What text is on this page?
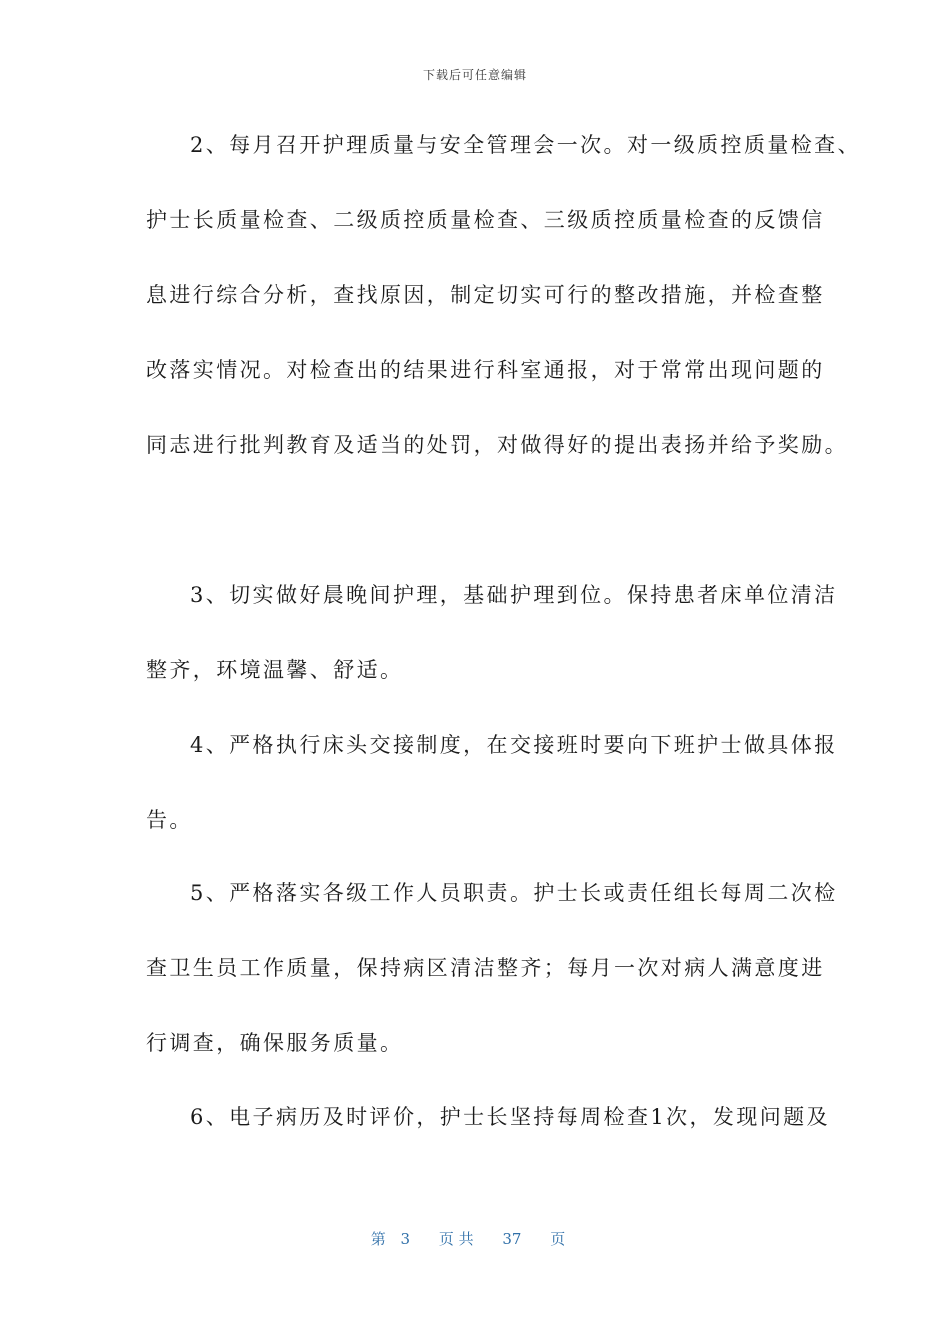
下载后可任意编辑
2、每月召开护理质量与安全管理会一次。对一级质控质量检查、
护士长质量检查、二级质控质量检查、三级质控质量检查的反馈信
息进行综合分析，查找原因，制定切实可行的整改措施，并检查整
改落实情况。对检查出的结果进行科室通报，对于常常出现问题的
同志进行批判教育及适当的处罚，对做得好的提出表扬并给予奖励。
3、切实做好晨晚间护理，基础护理到位。保持患者床单位清洁
整齐，环境温馨、舒适。
4、严格执行床头交接制度，在交接班时要向下班护士做具体报
告。
5、严格落实各级工作人员职责。护士长或责任组长每周二次检
查卫生员工作质量，保持病区清洁整齐；每月一次对病人满意度进
行调查，确保服务质量。
6、电子病历及时评价，护士长坚持每周检查1次，发现问题及
第 3 页 共 37 页
